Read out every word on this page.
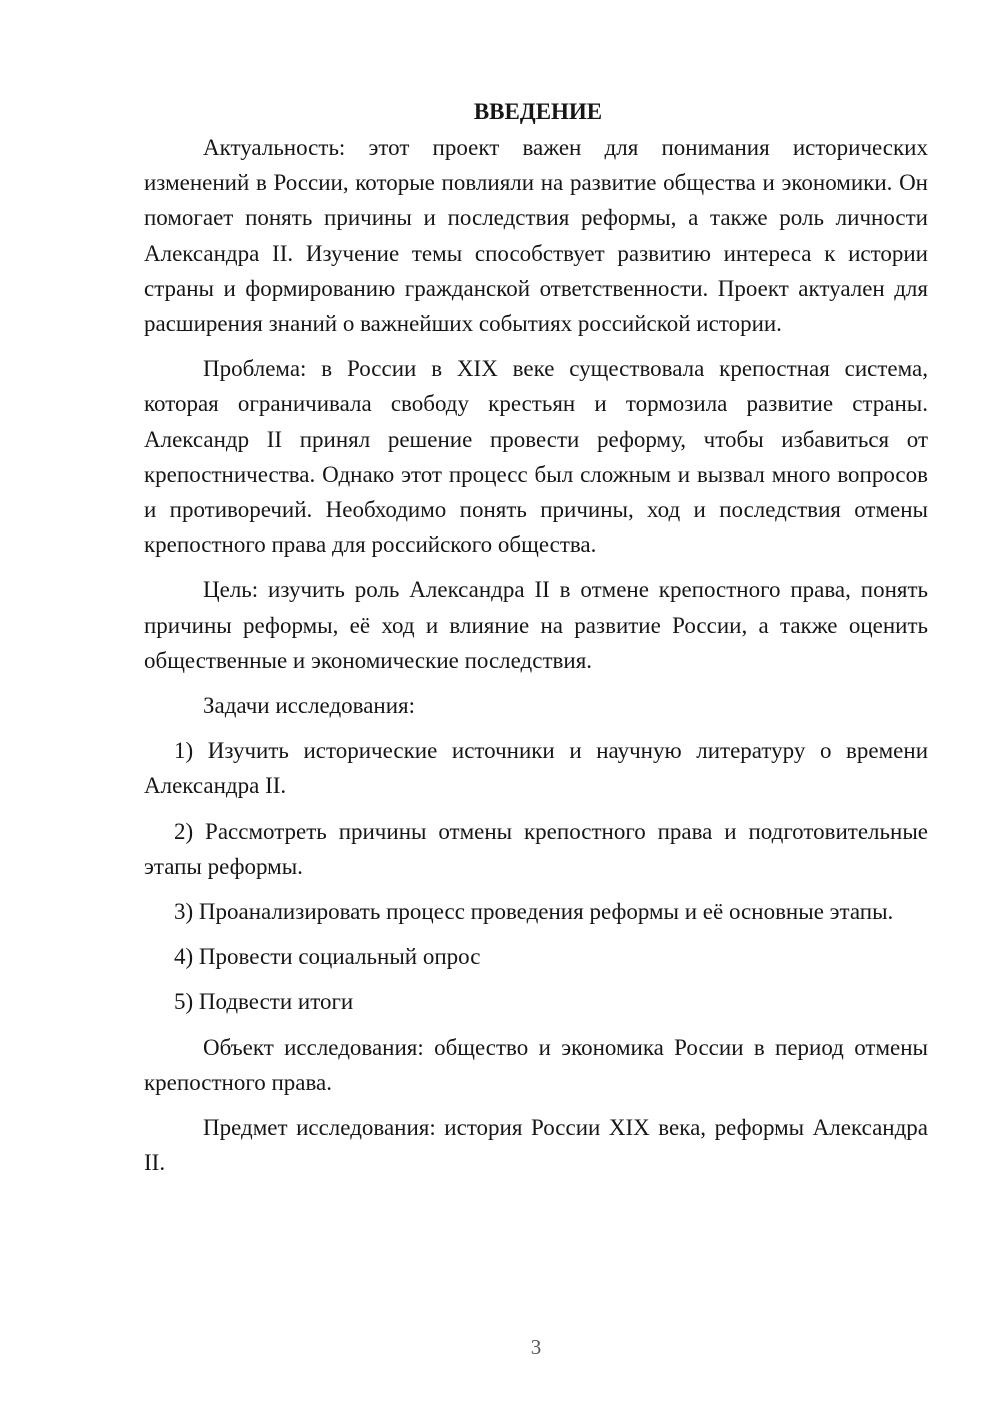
ВВЕДЕНИЕ

Актуальность: этот проект важен для понимания исторических изменений в России, которые повлияли на развитие общества и экономики. Он помогает понять причины и последствия реформы, а также роль личности Александра II. Изучение темы способствует развитию интереса к истории страны и формированию гражданской ответственности. Проект актуален для расширения знаний о важнейших событиях российской истории.

Проблема: в России в XIX веке существовала крепостная система, которая ограничивала свободу крестьян и тормозила развитие страны. Александр II принял решение провести реформу, чтобы избавиться от крепостничества. Однако этот процесс был сложным и вызвал много вопросов и противоречий. Необходимо понять причины, ход и последствия отмены крепостного права для российского общества.

Цель: изучить роль Александра II в отмене крепостного права, понять причины реформы, её ход и влияние на развитие России, а также оценить общественные и экономические последствия.

Задачи исследования:

1) Изучить исторические источники и научную литературу о времени Александра II.

2) Рассмотреть причины отмены крепостного права и подготовительные этапы реформы.

3) Проанализировать процесс проведения реформы и её основные этапы.

4) Провести социальный опрос

5) Подвести итоги

Объект исследования: общество и экономика России в период отмены крепостного права.

Предмет исследования: история России XIX века, реформы Александра II.

3
